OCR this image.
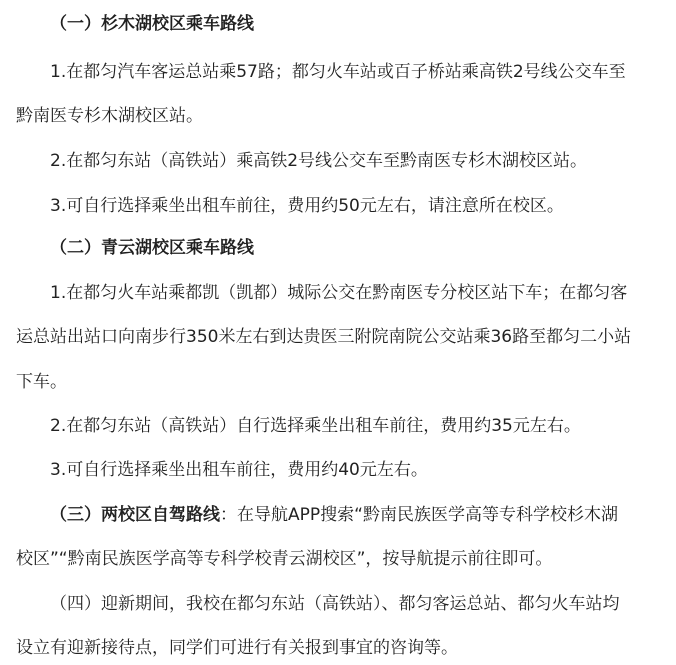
（一）杉木湖校区乘车路线
1.在都匀汽车客运总站乘57路；都匀火车站或百子桥站乘高铁2号线公交车至
黔南医专杉木湖校区站。
2.在都匀东站（高铁站）乘高铁2号线公交车至黔南医专杉木湖校区站。
3.可自行选择乘坐出租车前往，费用约50元左右，请注意所在校区。
（二）青云湖校区乘车路线
1.在都匀火车站乘都凯（凯都）城际公交在黔南医专分校区站下车；在都匀客
运总站出站口向南步行350米左右到达贵医三附院南院公交站乘36路至都匀二小站
下车。
2.在都匀东站（高铁站）自行选择乘坐出租车前往，费用约35元左右。
3.可自行选择乘坐出租车前往，费用约40元左右。
（三）两校区自驾路线：在导航APP搜索“黔南民族医学高等专科学校杉木湖
校区”“黔南民族医学高等专科学校青云湖校区”，按导航提示前往即可。
（四）迎新期间，我校在都匀东站（高铁站）、都匀客运总站、都匀火车站均
设立有迎新接待点，同学们可进行有关报到事宜的咨询等。
